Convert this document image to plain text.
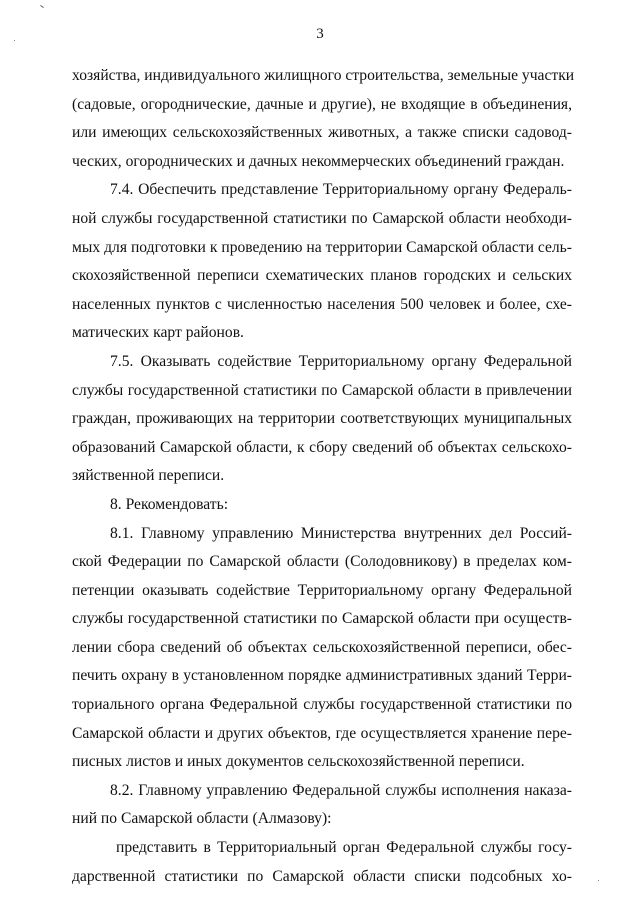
3
хозяйства, индивидуального жилищного строительства, земельные участки
(садовые, огороднические, дачные и другие), не входящие в объединения,
или имеющих сельскохозяйственных животных, а также списки садовод-
ческих, огороднических и дачных некоммерческих объединений граждан.
7.4. Обеспечить представление Территориальному органу Федераль-
ной службы государственной статистики по Самарской области необходи-
мых для подготовки к проведению на территории Самарской области сель-
скохозяйственной переписи схематических планов городских и сельских
населенных пунктов с численностью населения 500 человек и более, схе-
матических карт районов.
7.5. Оказывать содействие Территориальному органу Федеральной
службы государственной статистики по Самарской области в привлечении
граждан, проживающих на территории соответствующих муниципальных
образований Самарской области, к сбору сведений об объектах сельскохо-
зяйственной переписи.
8. Рекомендовать:
8.1. Главному управлению Министерства внутренних дел Россий-
ской Федерации по Самарской области (Солодовникову) в пределах ком-
петенции оказывать содействие Территориальному органу Федеральной
службы государственной статистики по Самарской области при осуществ-
лении сбора сведений об объектах сельскохозяйственной переписи, обес-
печить охрану в установленном порядке административных зданий Терри-
ториального органа Федеральной службы государственной статистики по
Самарской области и других объектов, где осуществляется хранение пере-
писных листов и иных документов сельскохозяйственной переписи.
8.2. Главному управлению Федеральной службы исполнения наказа-
ний по Самарской области (Алмазову):
представить в Территориальный орган Федеральной службы госу-
дарственной статистики по Самарской области списки подсобных хо-
